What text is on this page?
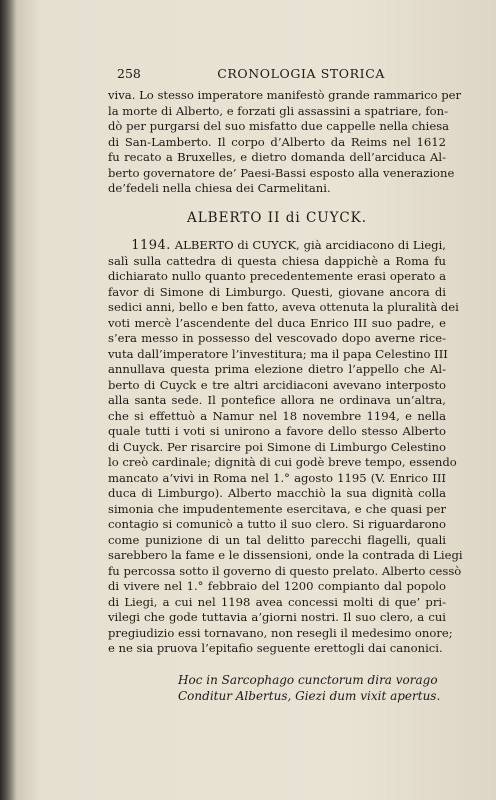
258	CRONOLOGIA STORICA

viva. Lo stesso imperatore manifestò grande rammarico per
la morte di Alberto, e forzati gli assassini a spatriare, fon-
dò per purgarsi del suo misfatto due cappelle nella chiesa
di San-Lamberto. Il corpo d’Alberto da Reims nel 1612
fu recato a Bruxelles, e dietro domanda dell’arciduca Al-
berto governatore de’ Paesi-Bassi esposto alla venerazione
de’fedeli nella chiesa dei Carmelitani.

ALBERTO II di CUYCK.

  1194. ALBERTO di CUYCK, già arcidiacono di Liegi,
salì sulla cattedra di questa chiesa dappichè a Roma fu
dichiarato nullo quanto precedentemente erasi operato a
favor di Simone di Limburgo. Questi, giovane ancora di
sedici anni, bello e ben fatto, aveva ottenuta la pluralità dei
voti mercè l’ascendente del duca Enrico III suo padre, e
s’era messo in possesso del vescovado dopo averne rice-
vuta dall’imperatore l’investitura; ma il papa Celestino III
annullava questa prima elezione dietro l’appello che Al-
berto di Cuyck e tre altri arcidiaconi avevano interposto
alla santa sede. Il pontefice allora ne ordinava un’altra,
che si effettuò a Namur nel 18 novembre 1194, e nella
quale tutti i voti si unirono a favore dello stesso Alberto
di Cuyck. Per risarcire poi Simone di Limburgo Celestino
lo creò cardinale; dignità di cui godè breve tempo, essendo
mancato a’vivi in Roma nel 1.° agosto 1195 (V. Enrico III
duca di Limburgo). Alberto macchiò la sua dignità colla
simonia che impudentemente esercitava, e che quasi per
contagio si comunicò a tutto il suo clero. Si riguardarono
come punizione di un tal delitto parecchi flagelli, quali
sarebbero la fame e le dissensioni, onde la contrada di Liegi
fu percossa sotto il governo di questo prelato. Alberto cessò
di vivere nel 1.° febbraio del 1200 compianto dal popolo
di Liegi, a cui nel 1198 avea concessi molti di que’ pri-
vilegi che gode tuttavia a’giorni nostri. Il suo clero, a cui
pregiudizio essi tornavano, non resegli il medesimo onore;
e ne sia pruova l’epitafio seguente erettogli dai canonici.

Hoc in Sarcophago cunctorum dira vorago
Conditur Albertus, Giezi dum vixit apertus.
